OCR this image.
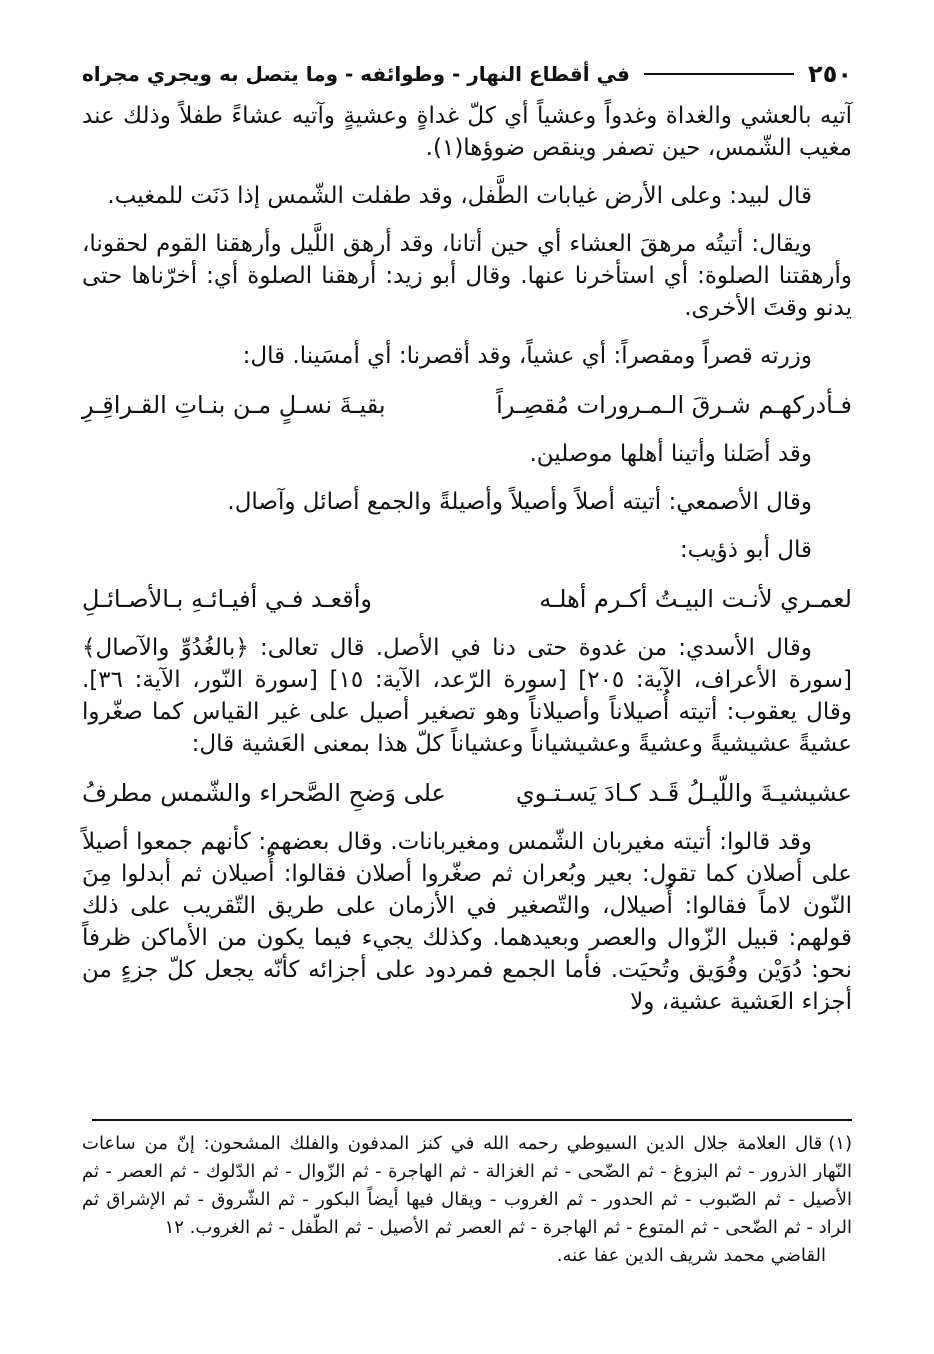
٢٥٠
في أقطاع النهار - وطوائفه - وما يتصل به ويجري مجراه

آتيه بالعشي والغداة وغدواً وعشياً أي كلّ غداةٍ وعشيةٍ وآتيه عشاءً طفلاً وذلك عند مغيب الشّمس، حين تصفر وينقص ضوؤها(١).

قال لبيد: وعلى الأرض غيابات الطَّفل، وقد طفلت الشّمس إذا دَنَت للمغيب.

ويقال: أتيتُه مرهقَ العشاء أي حين أتانا، وقد أرهق اللَّيل وأرهقنا القوم لحقونا، وأرهقتنا الصلوة: أي استأخرنا عنها. وقال أبو زيد: أرهقنا الصلوة أي: أخرّناها حتى يدنو وقتَ الأخرى.

وزرته قصراً ومقصراً: أي عشياً، وقد أقصرنا: أي أمسَينا. قال:

فـأدركهـم شـرقَ الـمـرورات مُقصِـراً
بقيـةَ نسـلٍ مـن بنـاتِ القـراقِـرِ

وقد أصَلنا وأتينا أهلها موصلين.

وقال الأصمعي: أتيته أصلاً وأصيلاً وأصيلةً والجمع أصائل وآصال.

قال أبو ذؤيب:

لعمـري لأنـت البيـتُ أكـرم أهلـه
وأقعـد فـي أفيـائـهِ بـالأصـائـلِ

وقال الأسدي: من غدوة حتى دنا في الأصل. قال تعالى: ﴿بالغُدُوِّ والآصال﴾ [سورة الأعراف، الآية: ٢٠٥] [سورة الرّعد، الآية: ١٥] [سورة النّور، الآية: ٣٦]. وقال يعقوب: أتيته أُصيلاناً وأصيلاناً وهو تصغير أصيل على غير القياس كما صغّروا عشيةً عشيشيةً وعشيةً وعشيشياناً وعشياناً كلّ هذا بمعنى العَشية قال:

عشيشيـةَ واللّيـلُ قَـد كـادَ يَسـتـوي
على وَضحِ الصَّحراء والشّمس مطرفُ

وقد قالوا: أتيته مغيربان الشّمس ومغيربانات. وقال بعضهم: كأنهم جمعوا أصيلاً على أصلان كما تقول: بعير وبُعران ثم صغّروا أصلان فقالوا: أُصيلان ثم أبدلوا مِنَ النّون لاماً فقالوا: أُصيلال، والتّصغير في الأزمان على طريق التّقريب على ذلك قولهم: قبيل الزّوال والعصر وبعيدهما. وكذلك يجيء فيما يكون من الأماكن ظرفاً نحو: دُوَيْن وفُوَيق وتُحيَت. فأما الجمع فمردود على أجزائه كأنّه يجعل كلّ جزءٍ من أجزاء العَشية عشية، ولا

(١)قال العلامة جلال الدين السيوطي رحمه الله في كنز المدفون والفلك المشحون: إنّ من ساعات النّهار الذرور - ثم البزوغ - ثم الضّحى - ثم الغزالة - ثم الهاجرة - ثم الزّوال - ثم الدّلوك - ثم العصر - ثم الأصيل - ثم الصّبوب - ثم الحدور - ثم الغروب - ويقال فيها أيضاً البكور - ثم الشّروق - ثم الإشراق ثم الراد - ثم الضّحى - ثم المتوع - ثم الهاجرة - ثم العصر ثم الأصيل - ثم الطّفل - ثم الغروب. ١٢
القاضي محمد شريف الدين عفا عنه.
